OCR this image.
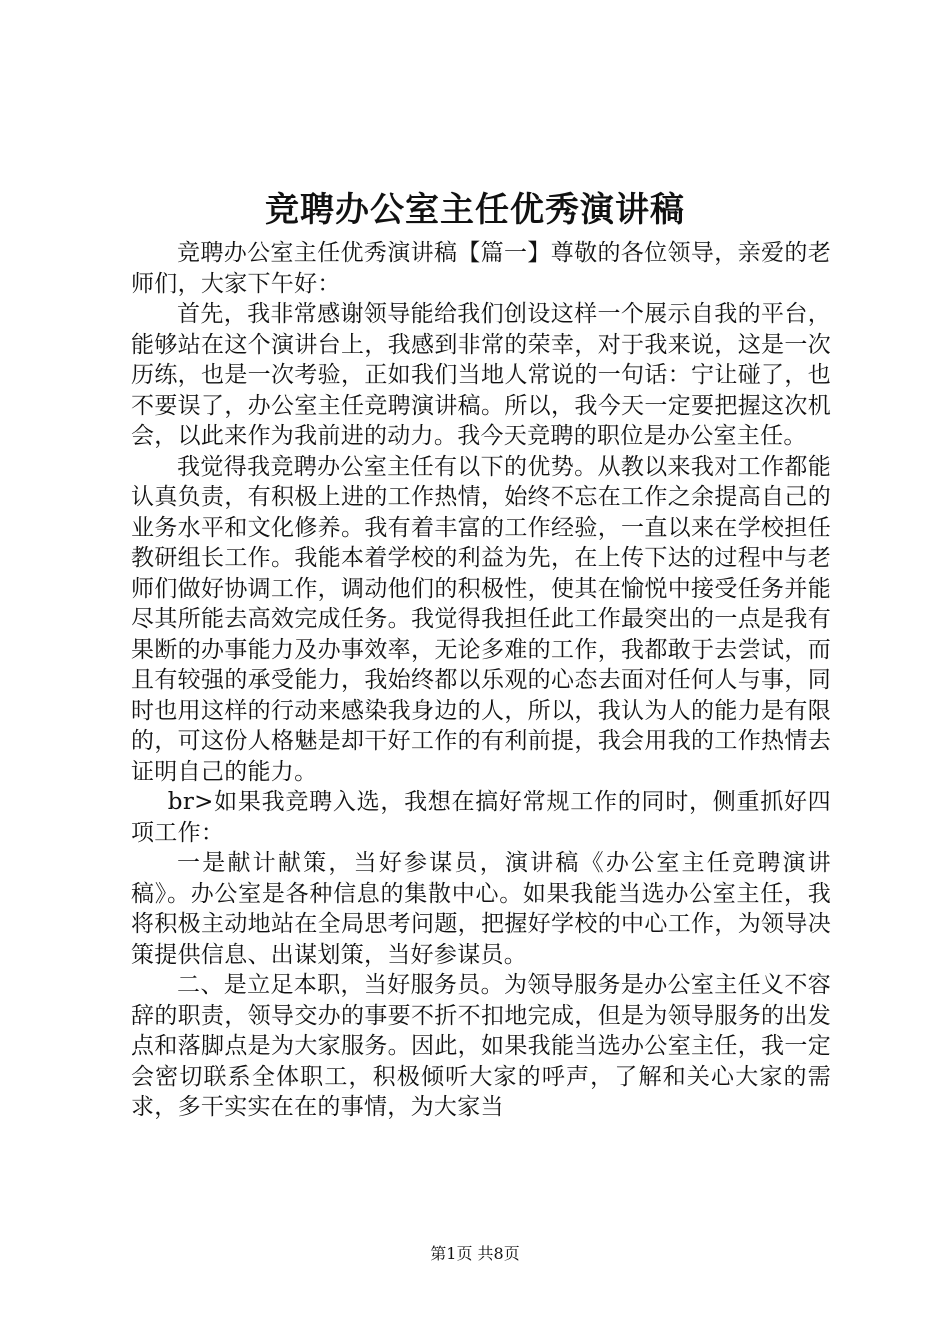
竞聘办公室主任优秀演讲稿

竞聘办公室主任优秀演讲稿【篇一】尊敬的各位领导，亲爱的老师们，大家下午好：

首先，我非常感谢领导能给我们创设这样一个展示自我的平台，能够站在这个演讲台上，我感到非常的荣幸，对于我来说，这是一次历练，也是一次考验，正如我们当地人常说的一句话：宁让碰了，也不要误了，办公室主任竞聘演讲稿。所以，我今天一定要把握这次机会，以此来作为我前进的动力。我今天竞聘的职位是办公室主任。

我觉得我竞聘办公室主任有以下的优势。从教以来我对工作都能认真负责，有积极上进的工作热情，始终不忘在工作之余提高自己的业务水平和文化修养。我有着丰富的工作经验，一直以来在学校担任教研组长工作。我能本着学校的利益为先，在上传下达的过程中与老师们做好协调工作，调动他们的积极性，使其在愉悦中接受任务并能尽其所能去高效完成任务。我觉得我担任此工作最突出的一点是我有果断的办事能力及办事效率，无论多难的工作，我都敢于去尝试，而且有较强的承受能力，我始终都以乐观的心态去面对任何人与事，同时也用这样的行动来感染我身边的人，所以，我认为人的能力是有限的，可这份人格魅是却干好工作的有利前提，我会用我的工作热情去证明自己的能力。

br>如果我竞聘入选，我想在搞好常规工作的同时，侧重抓好四项工作：

一是献计献策，当好参谋员，演讲稿《办公室主任竞聘演讲稿》。办公室是各种信息的集散中心。如果我能当选办公室主任，我将积极主动地站在全局思考问题，把握好学校的中心工作，为领导决策提供信息、出谋划策，当好参谋员。

二、是立足本职，当好服务员。为领导服务是办公室主任义不容辞的职责，领导交办的事要不折不扣地完成，但是为领导服务的出发点和落脚点是为大家服务。因此，如果我能当选办公室主任，我一定会密切联系全体职工，积极倾听大家的呼声，了解和关心大家的需求，多干实实在在的事情，为大家当

第1页 共8页
